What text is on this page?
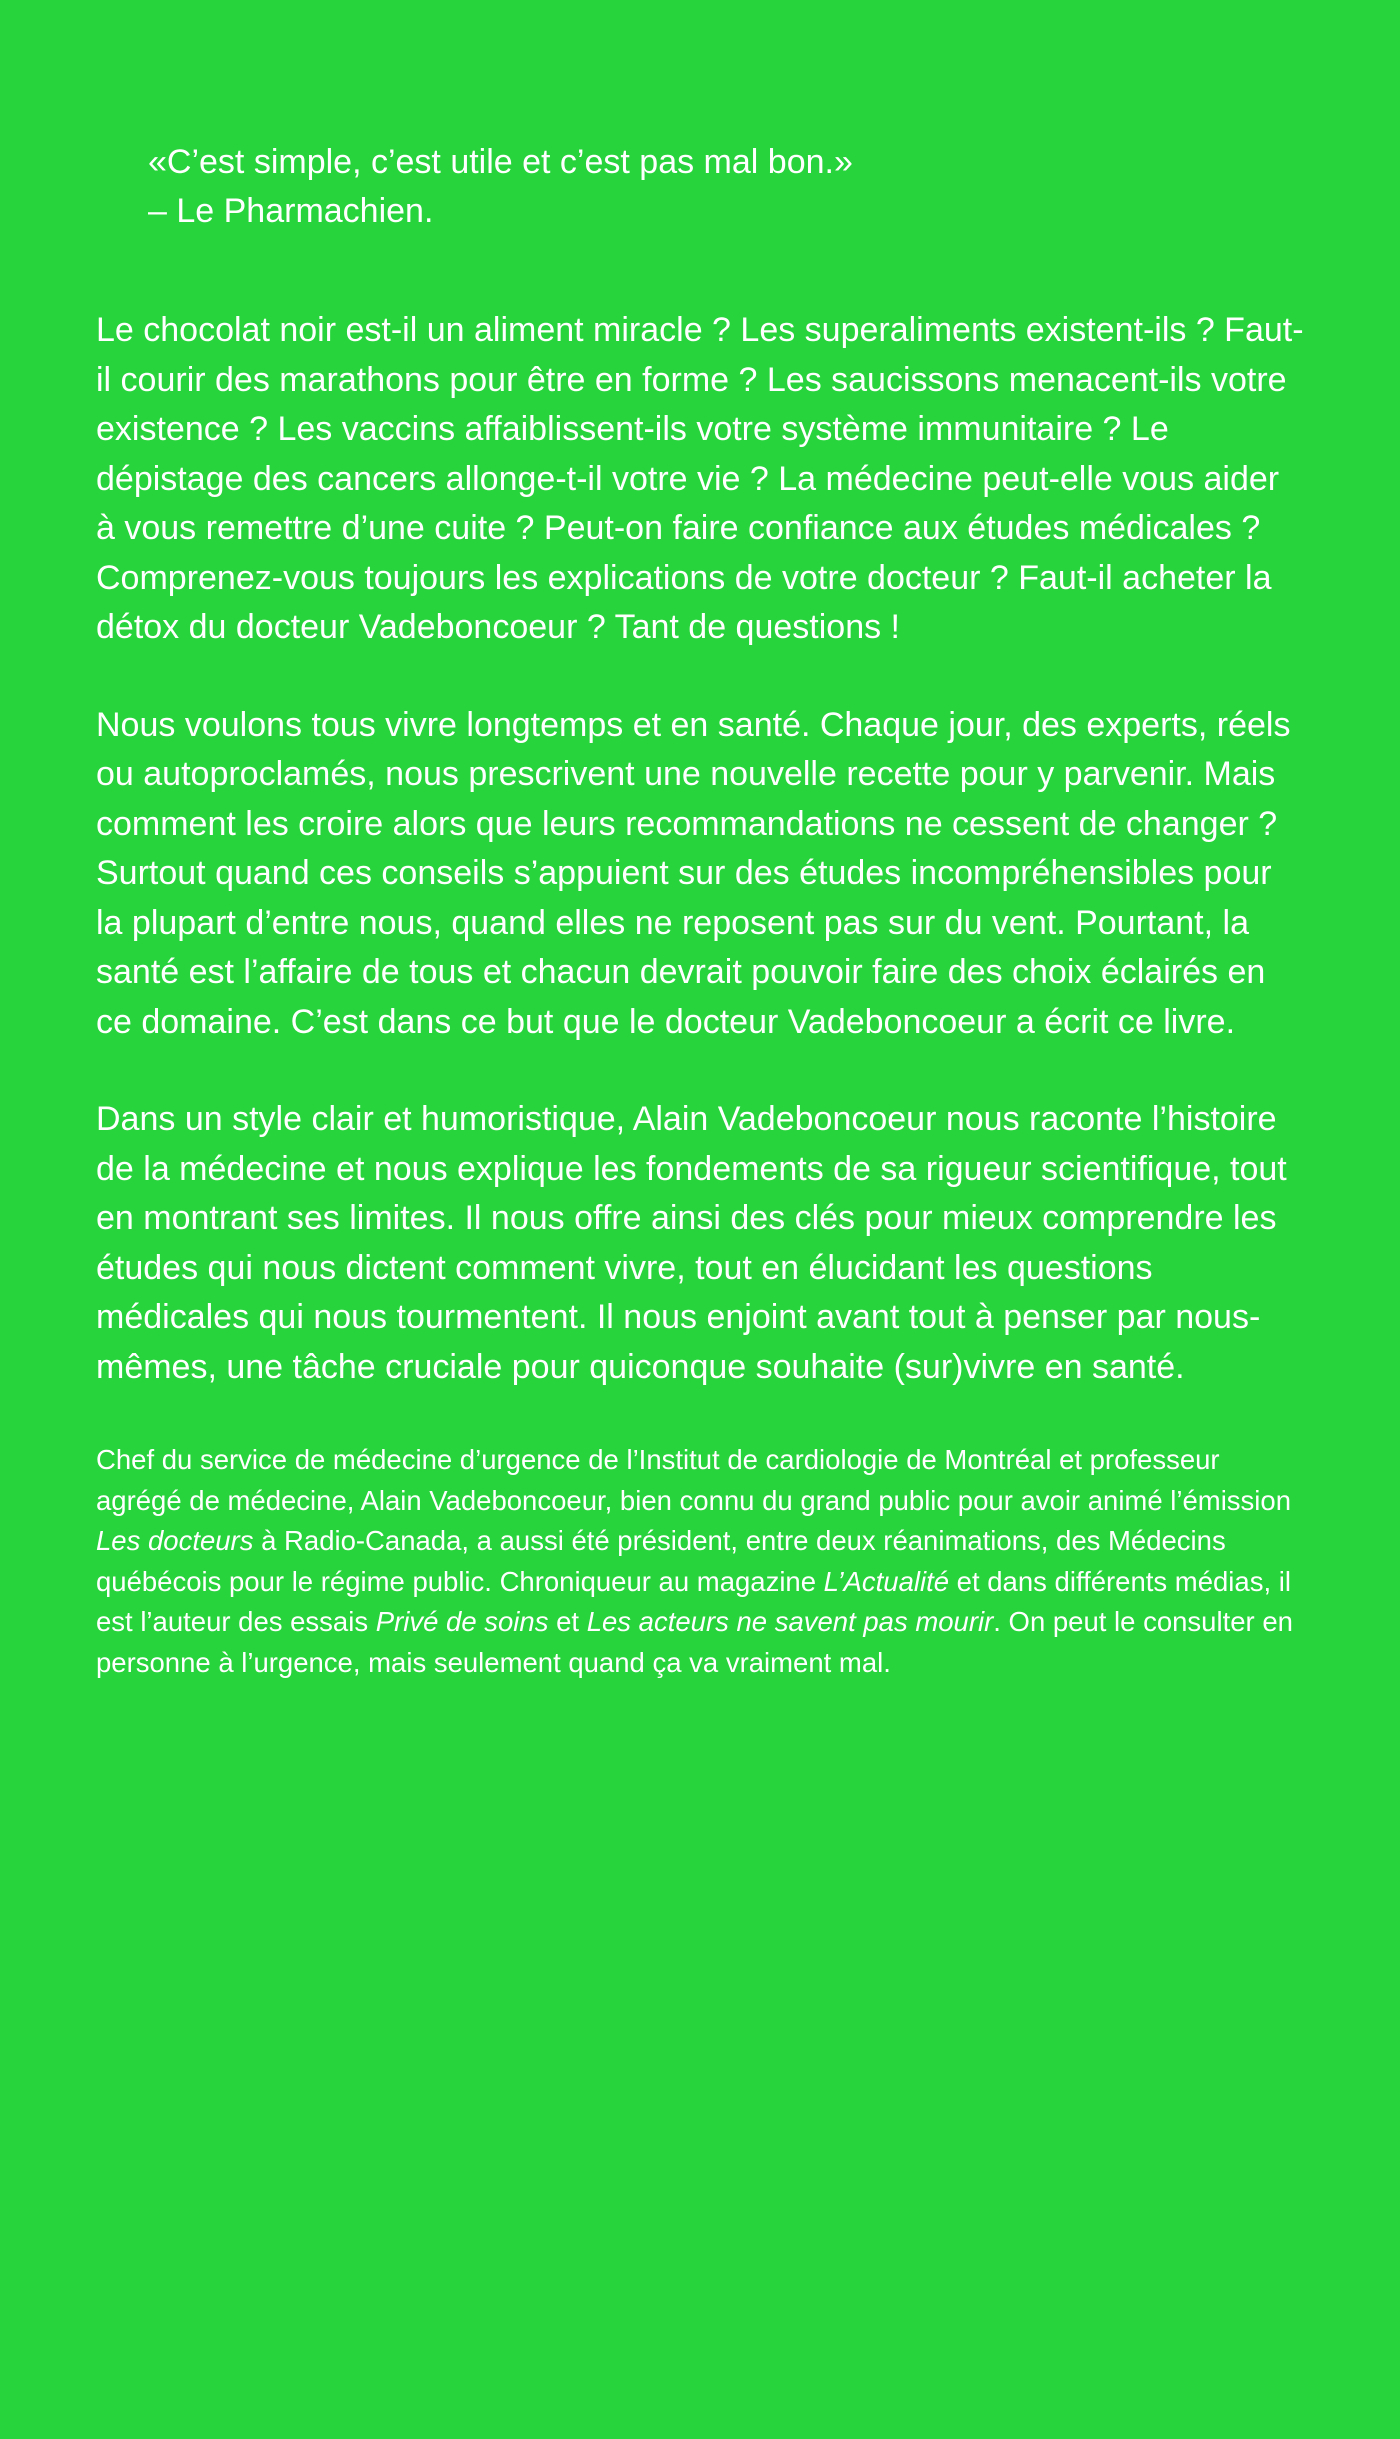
«C’est simple, c’est utile et c’est pas mal bon.»
– Le Pharmachien.

Le chocolat noir est-il un aliment miracle ? Les superaliments existent-ils ? Faut-il courir des marathons pour être en forme ? Les saucissons menacent-ils votre existence ? Les vaccins affaiblissent-ils votre système immunitaire ? Le dépistage des cancers allonge-t-il votre vie ? La médecine peut-elle vous aider à vous remettre d’une cuite ? Peut-on faire confiance aux études médicales ? Comprenez-vous toujours les explications de votre docteur ? Faut-il acheter la détox du docteur Vadeboncoeur ? Tant de questions !

Nous voulons tous vivre longtemps et en santé. Chaque jour, des experts, réels ou autoproclamés, nous prescrivent une nouvelle recette pour y parvenir. Mais comment les croire alors que leurs recommandations ne cessent de changer ? Surtout quand ces conseils s’appuient sur des études incompréhensibles pour la plupart d’entre nous, quand elles ne reposent pas sur du vent. Pourtant, la santé est l’affaire de tous et chacun devrait pouvoir faire des choix éclairés en ce domaine. C’est dans ce but que le docteur Vadeboncoeur a écrit ce livre.

Dans un style clair et humoristique, Alain Vadeboncoeur nous raconte l’histoire de la médecine et nous explique les fondements de sa rigueur scientifique, tout en montrant ses limites. Il nous offre ainsi des clés pour mieux comprendre les études qui nous dictent comment vivre, tout en élucidant les questions médicales qui nous tourmentent. Il nous enjoint avant tout à penser par nous-mêmes, une tâche cruciale pour quiconque souhaite (sur)vivre en santé.

Chef du service de médecine d’urgence de l’Institut de cardiologie de Montréal et professeur agrégé de médecine, Alain Vadeboncoeur, bien connu du grand public pour avoir animé l’émission Les docteurs à Radio-Canada, a aussi été président, entre deux réanimations, des Médecins québécois pour le régime public. Chroniqueur au magazine L’Actualité et dans différents médias, il est l’auteur des essais Privé de soins et Les acteurs ne savent pas mourir. On peut le consulter en personne à l’urgence, mais seulement quand ça va vraiment mal.
